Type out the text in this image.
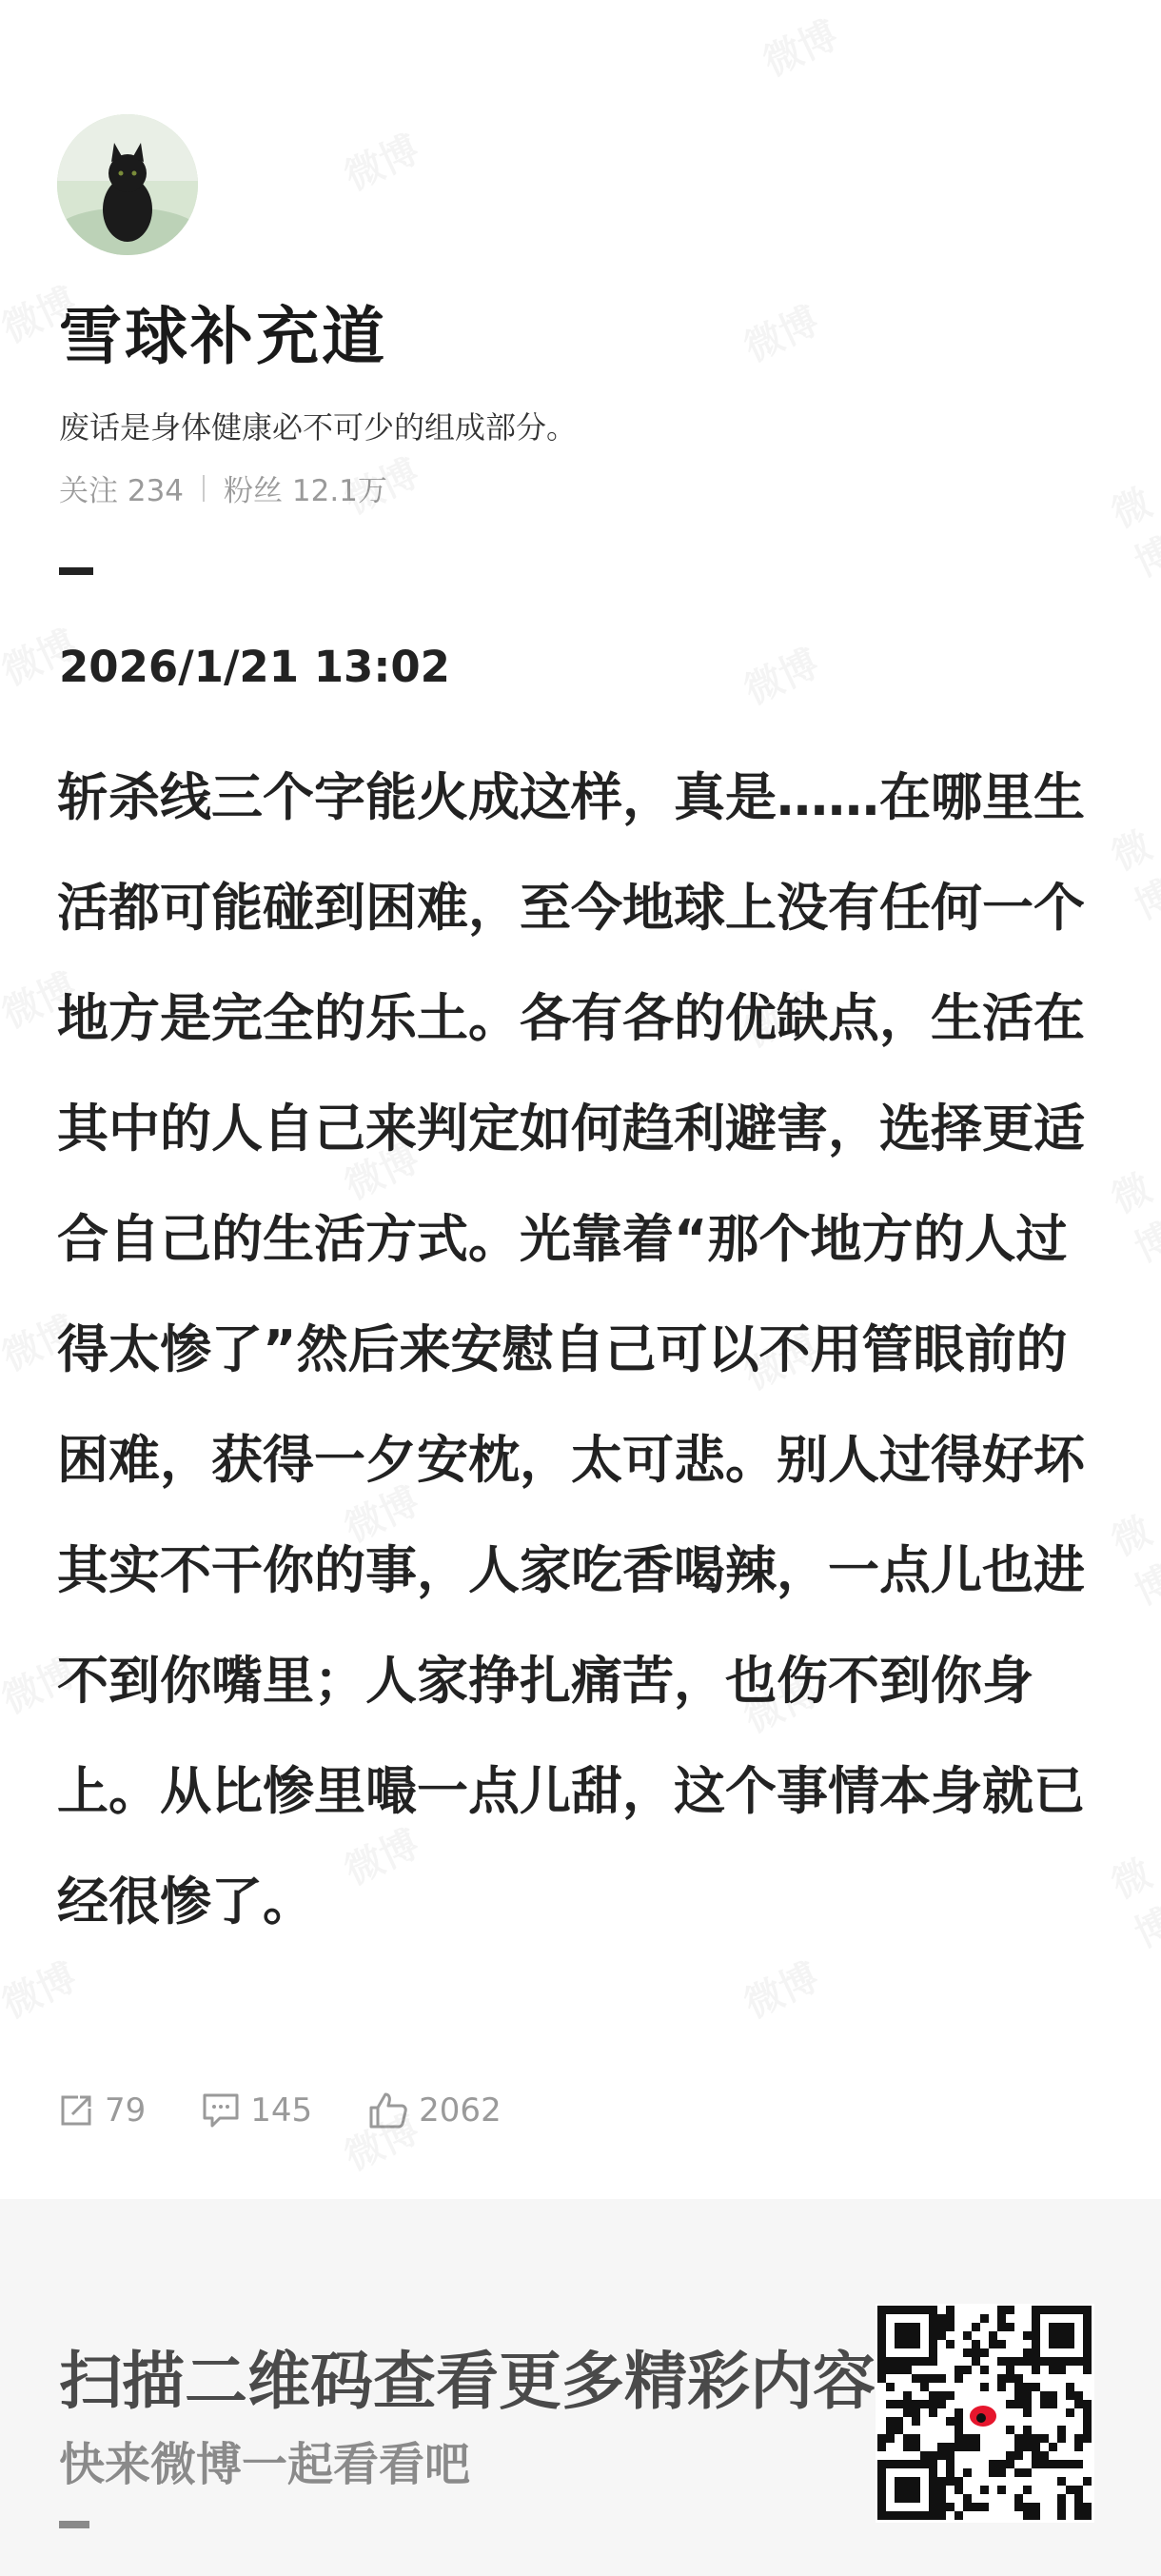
雪球补充道
废话是身体健康必不可少的组成部分。
关注 234 粉丝 12.1万
2026/1/21 13:02

斩杀线三个字能火成这样，真是……在哪里生活都可能碰到困难，至今地球上没有任何一个地方是完全的乐土。各有各的优缺点，生活在其中的人自己来判定如何趋利避害，选择更适合自己的生活方式。光靠着“那个地方的人过得太惨了”然后来安慰自己可以不用管眼前的困难，获得一夕安枕，太可悲。别人过得好坏其实不干你的事，人家吃香喝辣，一点儿也进不到你嘴里；人家挣扎痛苦，也伤不到你身上。从比惨里嘬一点儿甜，这个事情本身就已经很惨了。

79	145	2062
扫描二维码查看更多精彩内容
快来微博一起看看吧
